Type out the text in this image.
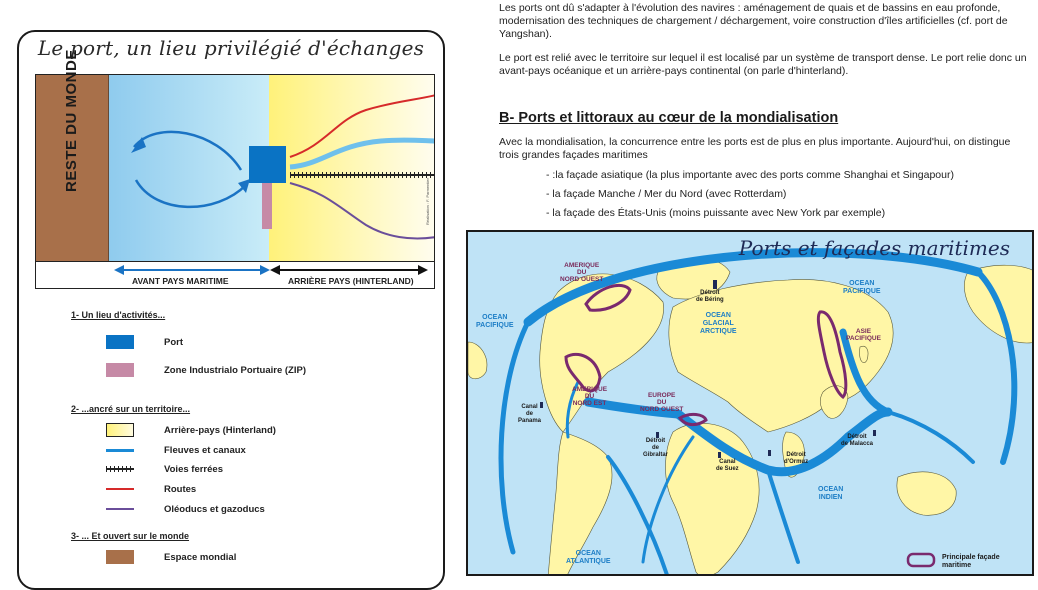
Le port, un lieu privilégié d'échanges
Réalisation : F. Parmentier
RESTE DU MONDE
AVANT PAYS MARITIME	ARRIÈRE PAYS (HINTERLAND)
1- Un lieu d'activités...
Port
Zone Industrialo Portuaire (ZIP)
2- ...ancré sur un territoire...
Arrière-pays (Hinterland)
Fleuves et canaux
Voies ferrées
Routes
Oléoducs et gazoducs
3- ... Et ouvert sur le monde
Espace mondial
Les ports ont dû s'adapter à l'évolution des navires : aménagement de quais et de bassins en eau profonde, modernisation des techniques de chargement / déchargement, voire construction d'îles artificielles (cf. port de Yangshan).
Le port est relié avec le territoire sur lequel il est localisé par un système de transport dense. Le port relie donc un avant-pays océanique et un arrière-pays continental (on parle d'hinterland).
B- Ports et littoraux au cœur de la mondialisation
Avec la mondialisation, la concurrence entre les ports est de plus en plus importante. Aujourd'hui, on distingue trois grandes façades maritimes
- :la façade asiatique (la plus importante avec des ports comme Shanghai et Singapour)
- la façade Manche / Mer du Nord (avec Rotterdam)
- la façade des États-Unis (moins puissante avec New York par exemple)
Ports et façades maritimes
OCEAN
PACIFIQUE
OCEAN
PACIFIQUE
OCEAN
GLACIAL
ARCTIQUE
OCEAN
ATLANTIQUE
OCEAN
INDIEN
AMERIQUE
DU
NORD OUEST
ASIE
PACIFIQUE
EUROPE
DU
NORD OUEST
AMERIQUE
DU
NORD EST
Détroit
de Béring
Canal
de
Panama
Détroit
de
Gibraltar
Canal
de Suez
Détroit
d'Ormuz
Détroit
de Malacca
Principale façade
maritime
